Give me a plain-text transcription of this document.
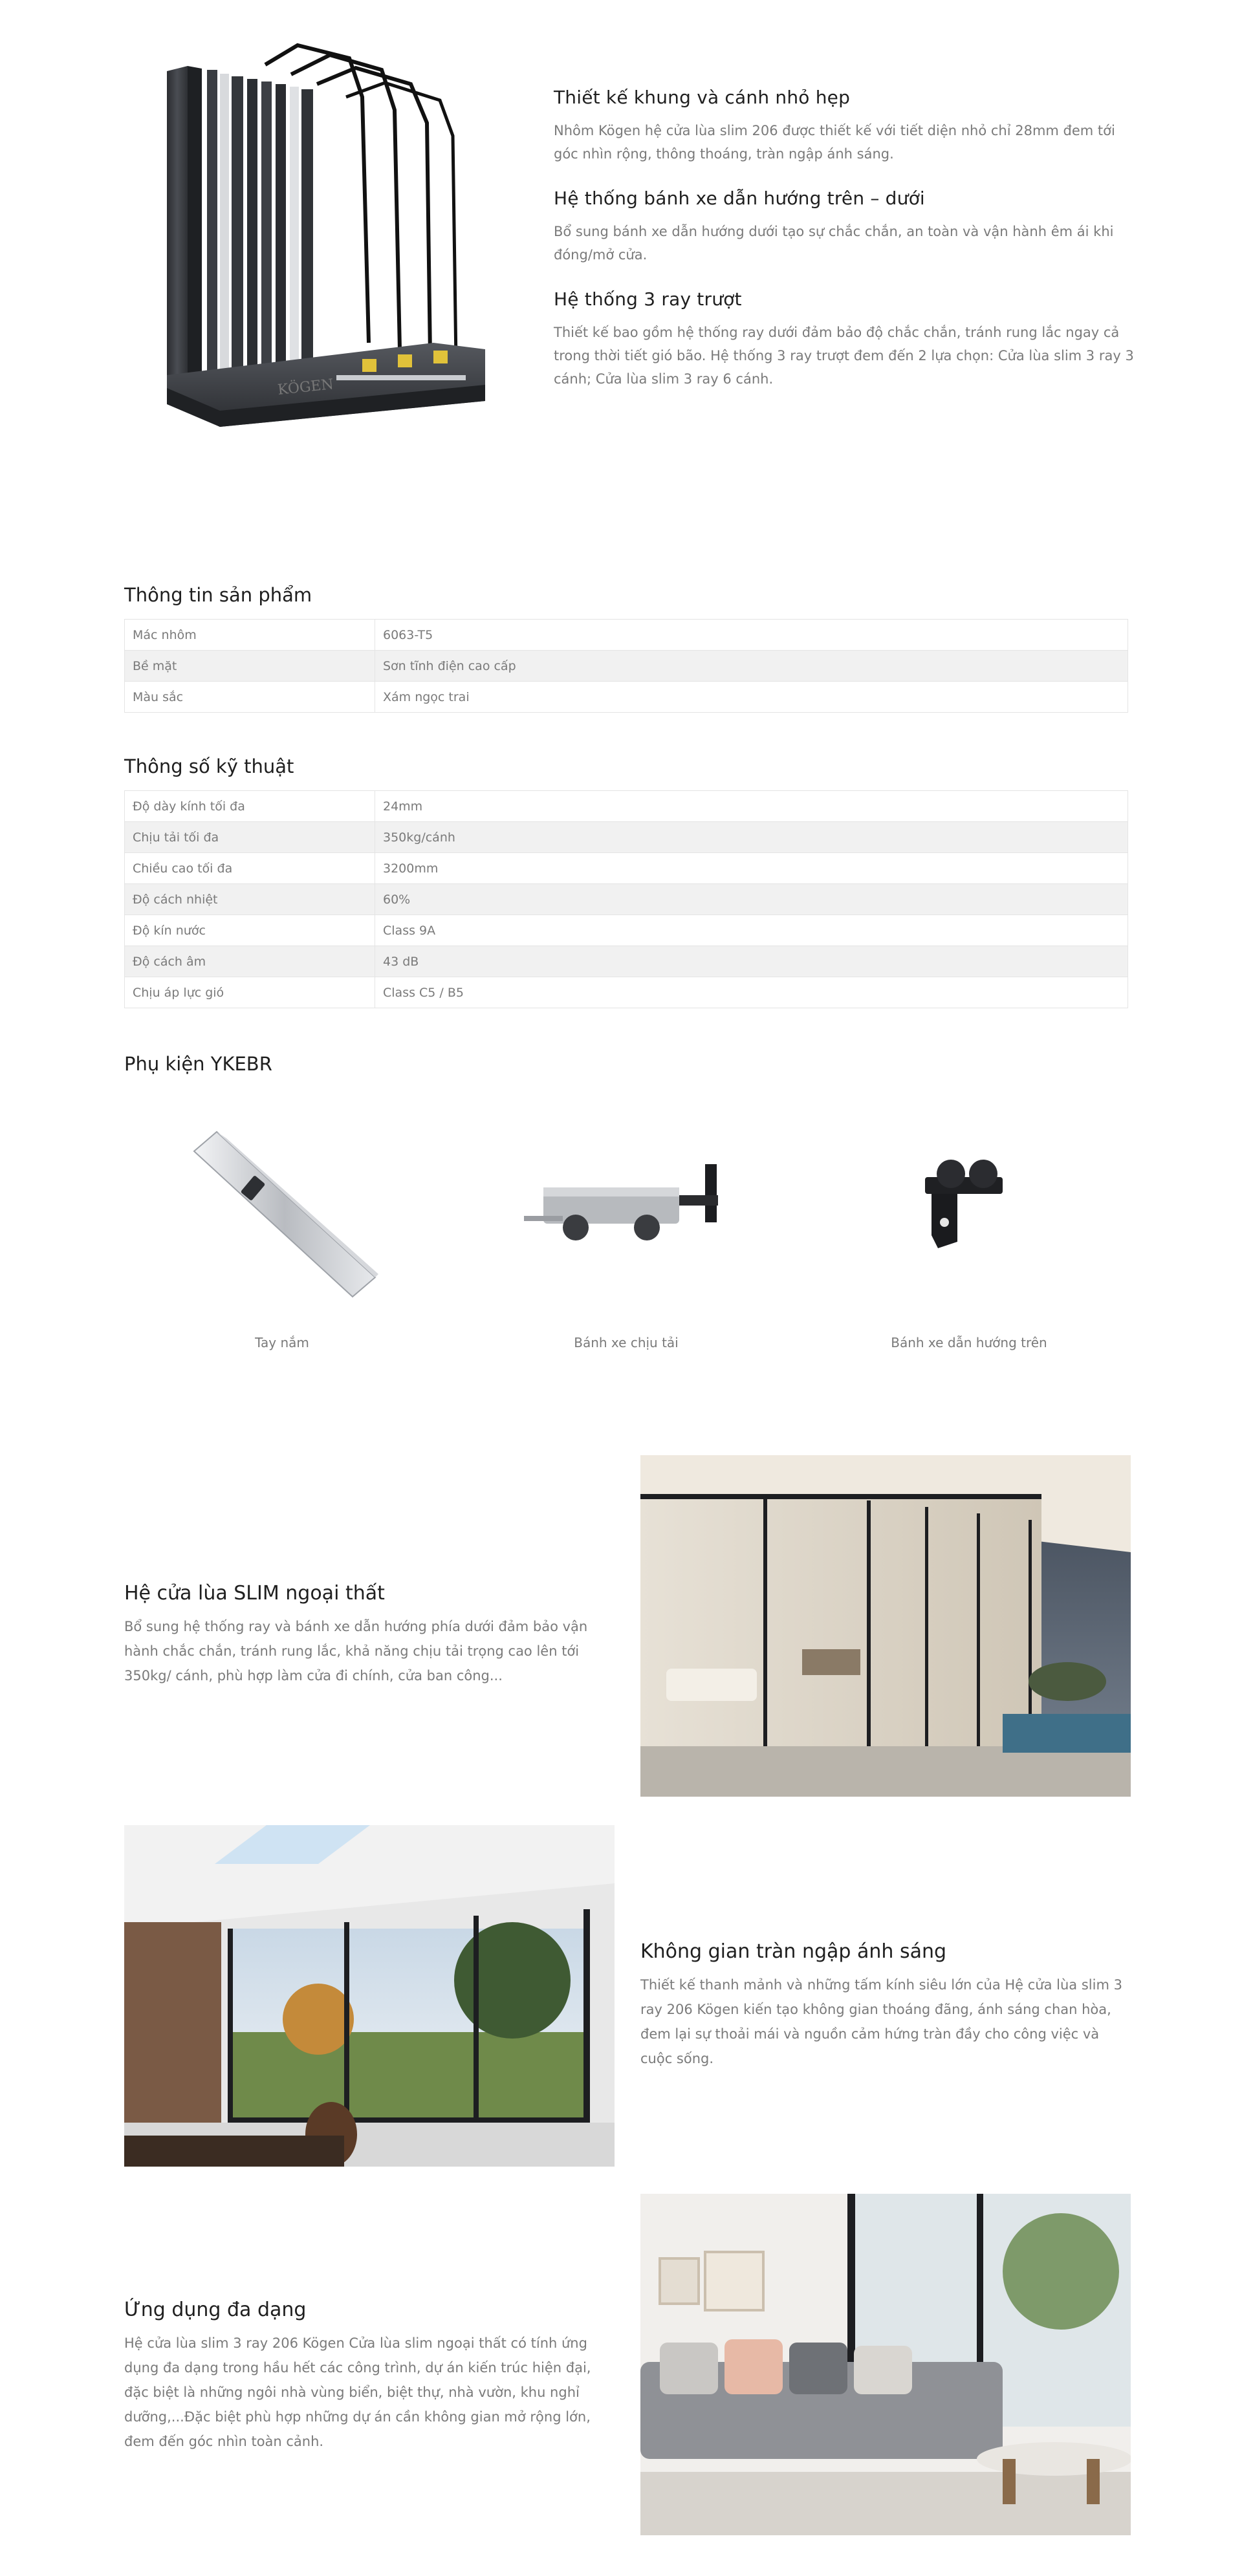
KÖGEN
Thiết kế khung và cánh nhỏ hẹp

Nhôm Kögen hệ cửa lùa slim 206 được thiết kế với tiết diện nhỏ chỉ 28mm đem tới góc nhìn rộng, thông thoáng, tràn ngập ánh sáng.

Hệ thống bánh xe dẫn hướng trên – dưới

Bổ sung bánh xe dẫn hướng dưới tạo sự chắc chắn, an toàn và vận hành êm ái khi đóng/mở cửa.

Hệ thống 3 ray trượt

Thiết kế bao gồm hệ thống ray dưới đảm bảo độ chắc chắn, tránh rung lắc ngay cả trong thời tiết gió bão. Hệ thống 3 ray trượt đem đến 2 lựa chọn: Cửa lùa slim 3 ray 3 cánh; Cửa lùa slim 3 ray 6 cánh.

Thông tin sản phẩm
Mác nhôm	6063-T5
Bề mặt	Sơn tĩnh điện cao cấp
Màu sắc	Xám ngọc trai
Thông số kỹ thuật
Độ dày kính tối đa	24mm
Chịu tải tối đa	350kg/cánh
Chiều cao tối đa	3200mm
Độ cách nhiệt	60%
Độ kín nước	Class 9A
Độ cách âm	43 dB
Chịu áp lực gió	Class C5 / B5
Phụ kiện YKEBR
Tay nắm	Bánh xe chịu tải	Bánh xe dẫn hướng trên
Hệ cửa lùa SLIM ngoại thất

Bổ sung hệ thống ray và bánh xe dẫn hướng phía dưới đảm bảo vận hành chắc chắn, tránh rung lắc, khả năng chịu tải trọng cao lên tới 350kg/ cánh, phù hợp làm cửa đi chính, cửa ban công...

Không gian tràn ngập ánh sáng

Thiết kế thanh mảnh và những tấm kính siêu lớn của Hệ cửa lùa slim 3 ray 206 Kögen kiến tạo không gian thoáng đãng, ánh sáng chan hòa, đem lại sự thoải mái và nguồn cảm hứng tràn đầy cho công việc và cuộc sống.

Ứng dụng đa dạng

Hệ cửa lùa slim 3 ray 206 Kögen Cửa lùa slim ngoại thất có tính ứng dụng đa dạng trong hầu hết các công trình, dự án kiến trúc hiện đại, đặc biệt là những ngôi nhà vùng biển, biệt thự, nhà vườn, khu nghỉ dưỡng,...Đặc biệt phù hợp những dự án cần không gian mở rộng lớn, đem đến góc nhìn toàn cảnh.
